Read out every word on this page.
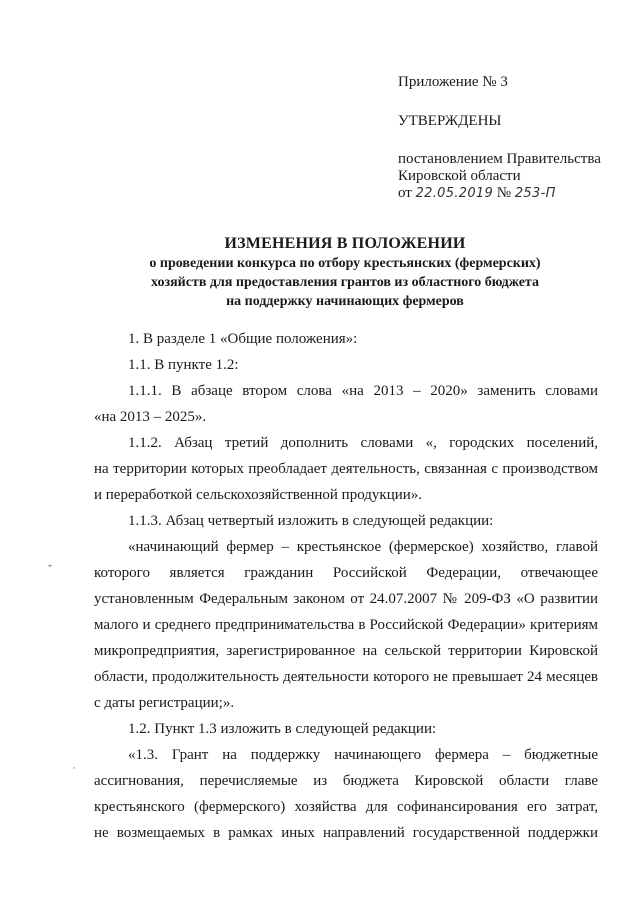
Приложение № 3
УТВЕРЖДЕНЫ
постановлением Правительства
Кировской области
от 22.05.2019 № 253-П
ИЗМЕНЕНИЯ В ПОЛОЖЕНИИ
о проведении конкурса по отбору крестьянских (фермерских)
хозяйств для предоставления грантов из областного бюджета
на поддержку начинающих фермеров
1. В разделе 1 «Общие положения»:
1.1. В пункте 1.2:
1.1.1. В абзаце втором слова «на 2013 – 2020» заменить словами
«на 2013 – 2025».
1.1.2. Абзац третий дополнить словами «, городских поселений,
на территории которых преобладает деятельность, связанная с производством
и переработкой сельскохозяйственной продукции».
1.1.3. Абзац четвертый изложить в следующей редакции:
«начинающий фермер – крестьянское (фермерское) хозяйство, главой
которого является гражданин Российской Федерации, отвечающее
установленным Федеральным законом от 24.07.2007 № 209-ФЗ «О развитии
малого и среднего предпринимательства в Российской Федерации» критериям
микропредприятия, зарегистрированное на сельской территории Кировской
области, продолжительность деятельности которого не превышает 24 месяцев
с даты регистрации;».
1.2. Пункт 1.3 изложить в следующей редакции:
«1.3. Грант на поддержку начинающего фермера – бюджетные
ассигнования, перечисляемые из бюджета Кировской области главе
крестьянского (фермерского) хозяйства для софинансирования его затрат,
не возмещаемых в рамках иных направлений государственной поддержки
ˇ
˙
